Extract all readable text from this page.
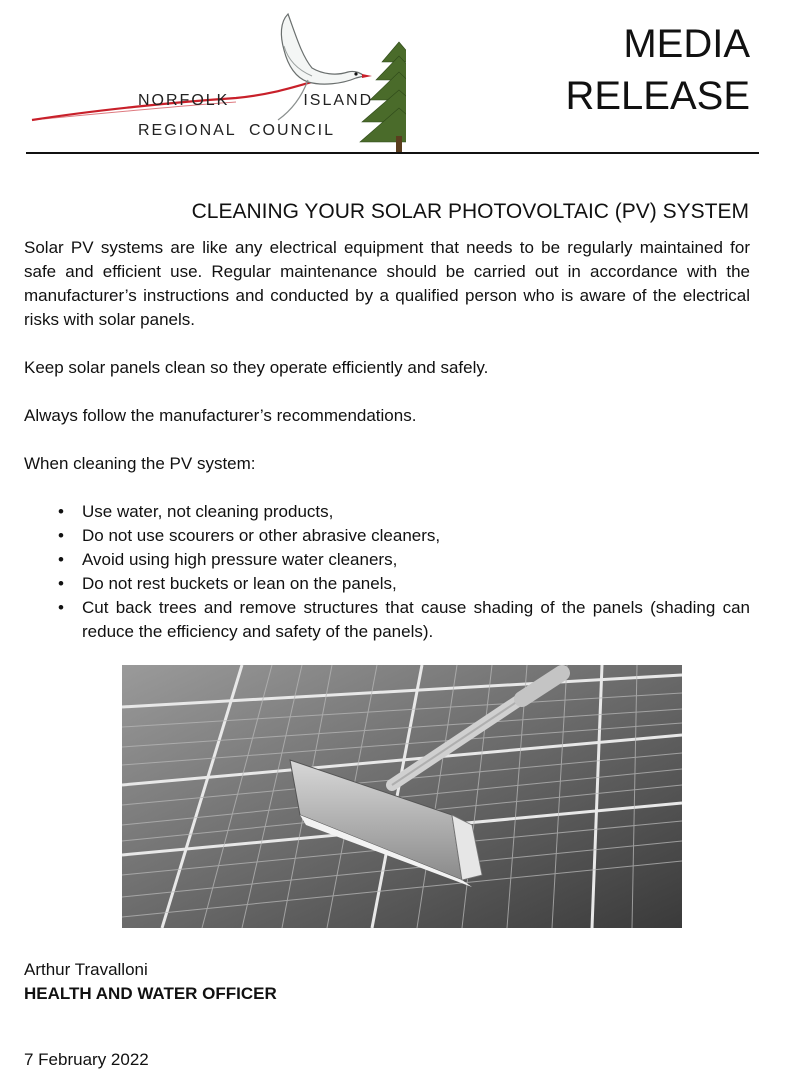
NORFOLK	ISLAND
REGIONAL  COUNCIL
MEDIA
RELEASE
CLEANING YOUR SOLAR PHOTOVOLTAIC (PV) SYSTEM

Solar PV systems are like any electrical equipment that needs to be regularly maintained for safe and efficient use. Regular maintenance should be carried out in accordance with the manufacturer’s instructions and conducted by a qualified person who is aware of the electrical risks with solar panels.

Keep solar panels clean so they operate efficiently and safely.

Always follow the manufacturer’s recommendations.

When cleaning the PV system:

• Use water, not cleaning products,
• Do not use scourers or other abrasive cleaners,
• Avoid using high pressure water cleaners,
• Do not rest buckets or lean on the panels,
• Cut back trees and remove structures that cause shading of the panels (shading can reduce the efficiency and safety of the panels).
Arthur Travalloni
HEALTH AND WATER OFFICER
7 February 2022
